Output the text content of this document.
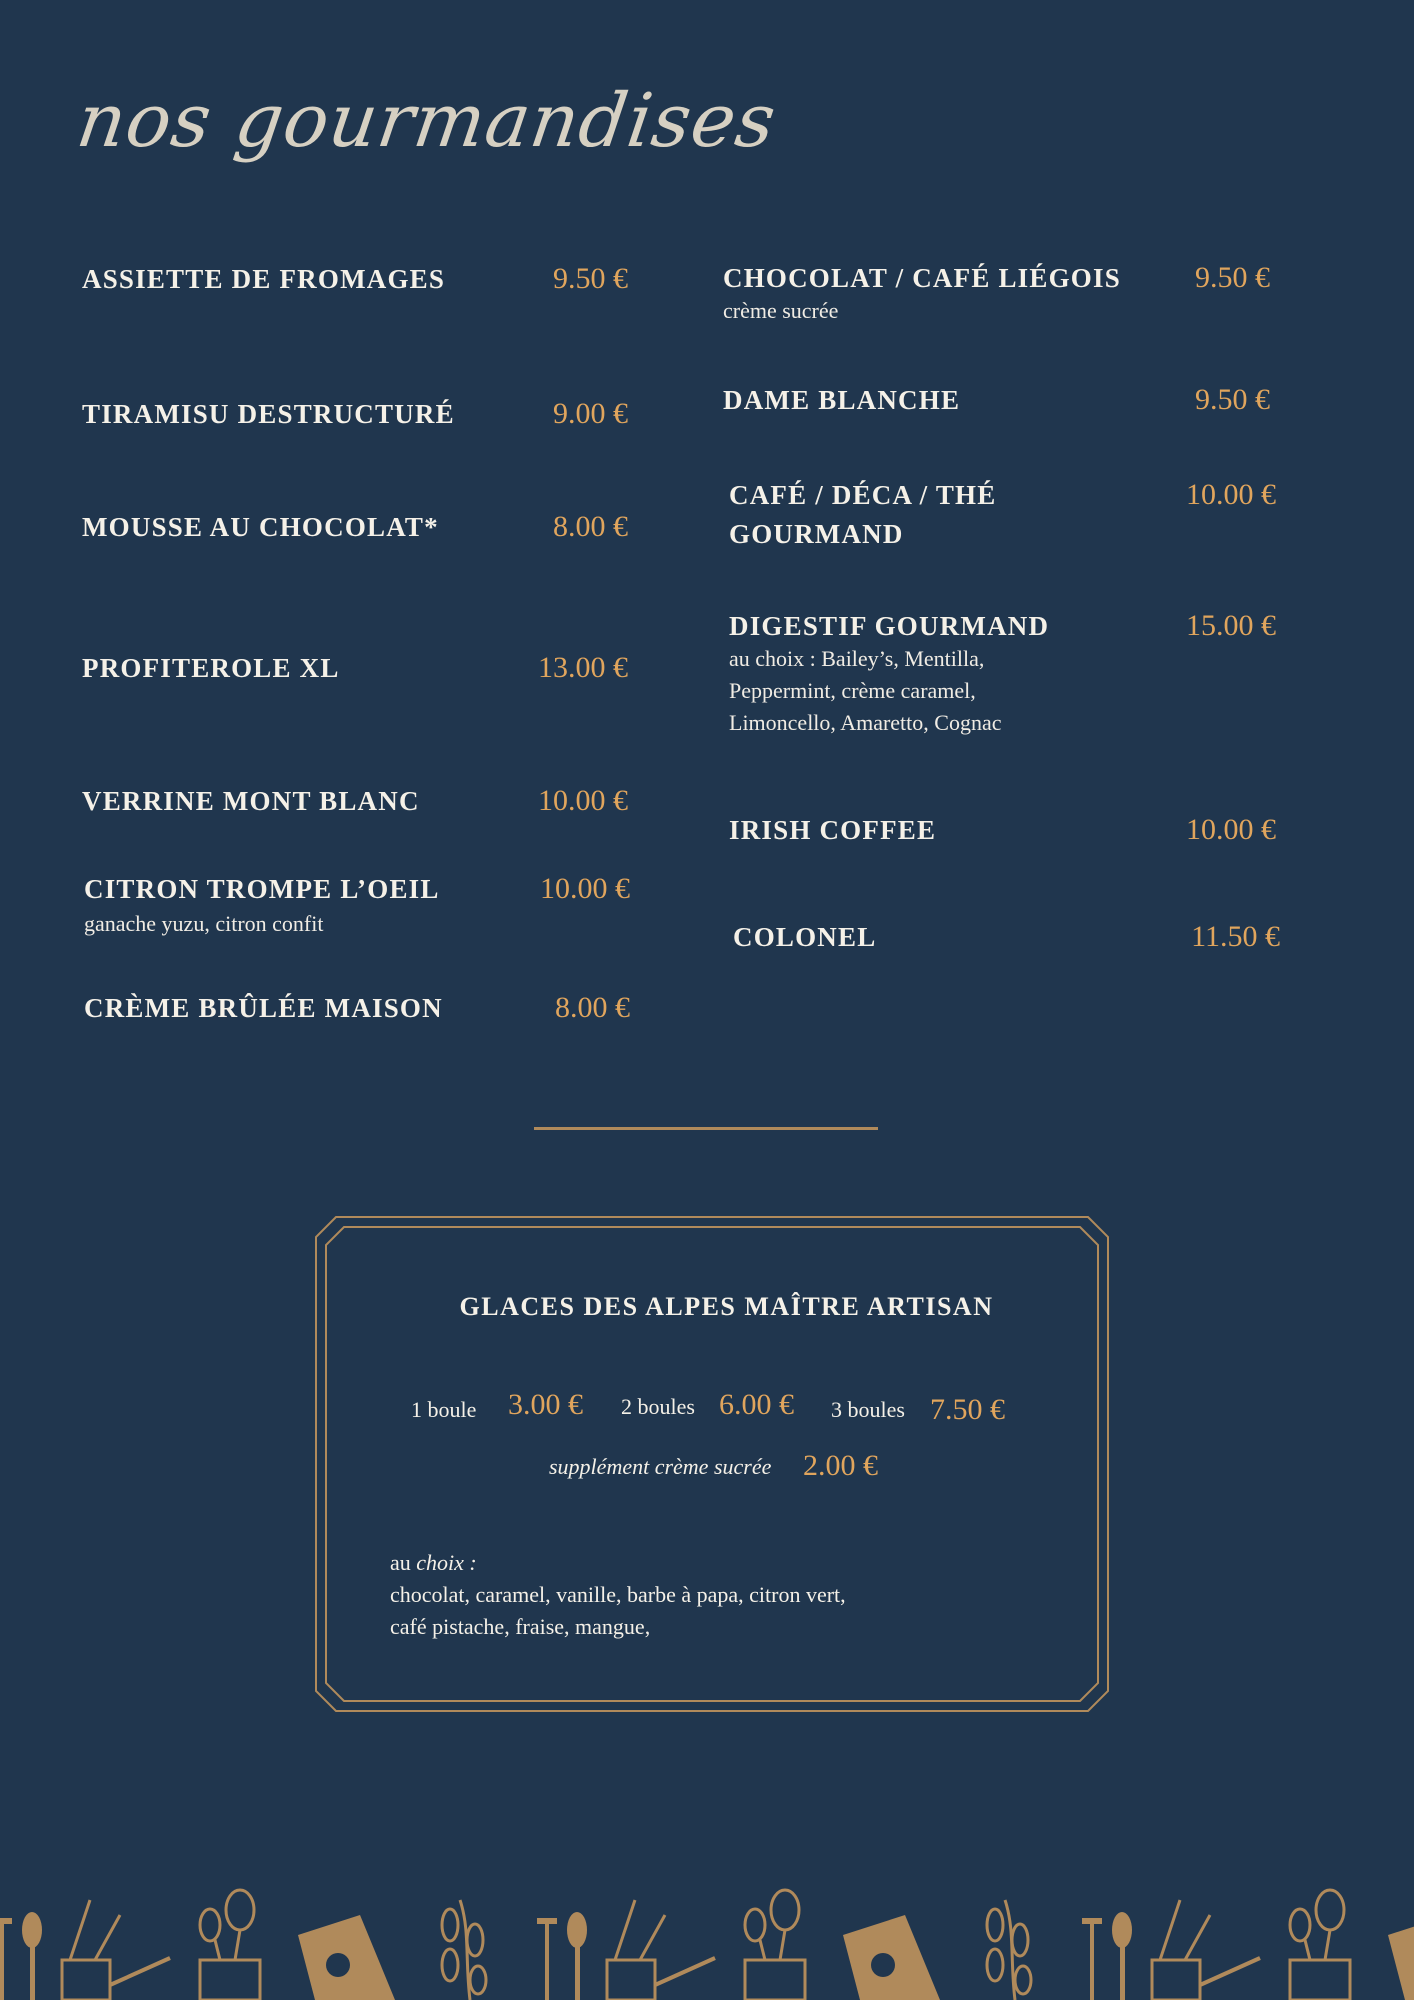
nos gourmandises
ASSIETTE DE FROMAGES	9.50 €
TIRAMISU DESTRUCTURÉ	9.00 €
MOUSSE AU CHOCOLAT*	8.00 €
PROFITEROLE XL	13.00 €
VERRINE MONT BLANC	10.00 €
CITRON TROMPE L’OEIL	10.00 €
ganache yuzu, citron confit
CRÈME BRÛLÉE MAISON	8.00 €
CHOCOLAT / CAFÉ LIÉGOIS	9.50 €
crème sucrée
DAME BLANCHE	9.50 €
CAFÉ / DÉCA / THÉ
GOURMAND
10.00 €
DIGESTIF GOURMAND	15.00 €
au choix : Bailey’s, Mentilla,
Peppermint, crème caramel,
Limoncello, Amaretto, Cognac
IRISH COFFEE	10.00 €
COLONEL	11.50 €
GLACES DES ALPES MAÎTRE ARTISAN
1 boule 3.00 € 2 boules 6.00 € 3 boules 7.50 €
supplément crème sucrée 2.00 €
au choix :
chocolat, caramel, vanille, barbe à papa, citron vert,
café pistache, fraise, mangue,
